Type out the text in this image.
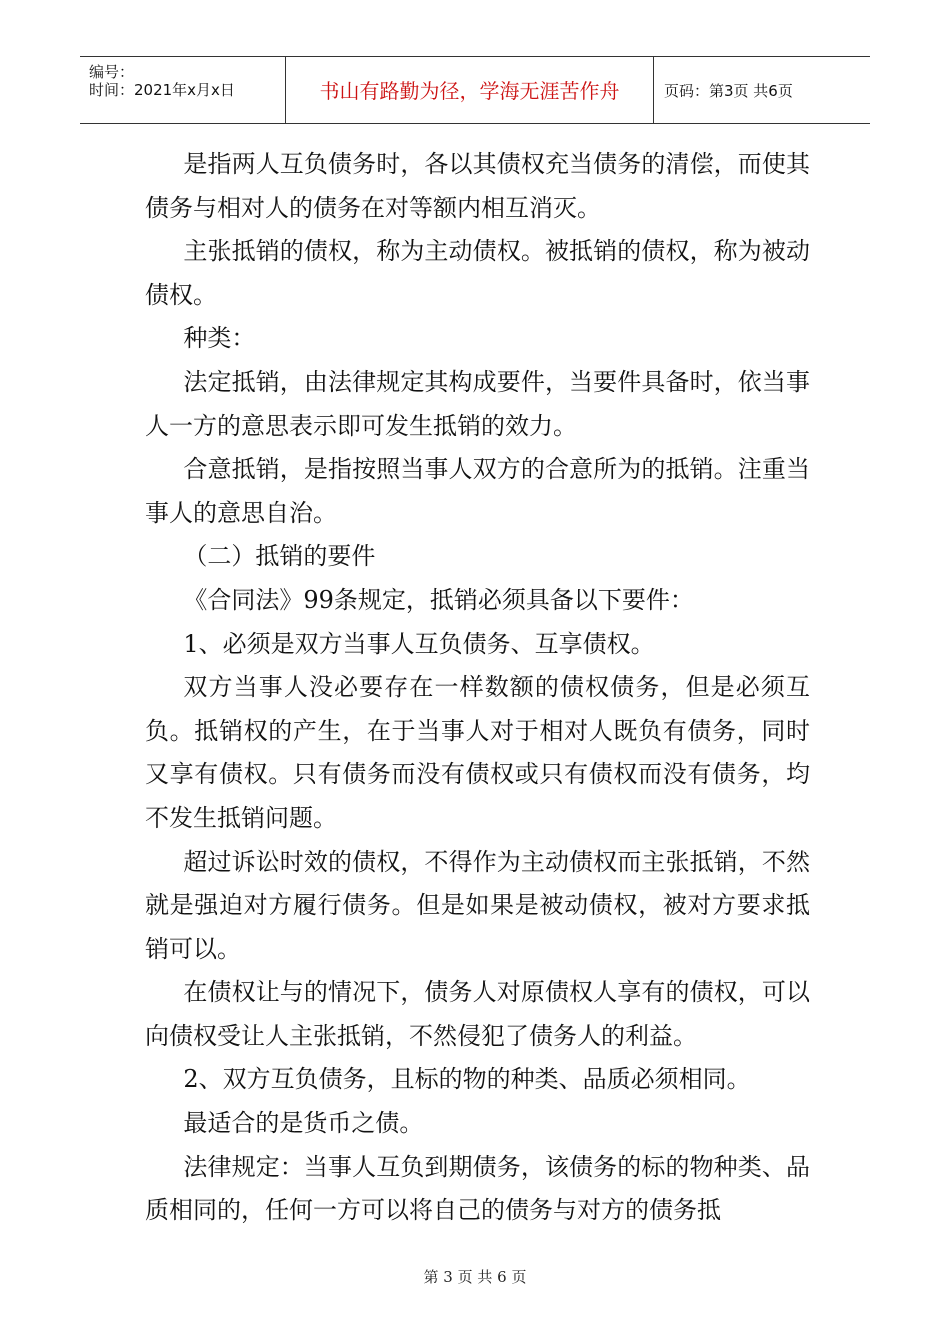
编号：
时间：2021年x月x日	书山有路勤为径，学海无涯苦作舟	页码：第3页 共6页

是指两人互负债务时，各以其债权充当债务的清偿，而使其债务与相对人的债务在对等额内相互消灭。

主张抵销的债权，称为主动债权。被抵销的债权，称为被动债权。

种类：

法定抵销，由法律规定其构成要件，当要件具备时，依当事人一方的意思表示即可发生抵销的效力。

合意抵销，是指按照当事人双方的合意所为的抵销。注重当事人的意思自治。

（二）抵销的要件

《合同法》99条规定，抵销必须具备以下要件：

1、必须是双方当事人互负债务、互享债权。

双方当事人没必要存在一样数额的债权债务，但是必须互负。抵销权的产生，在于当事人对于相对人既负有债务，同时又享有债权。只有债务而没有债权或只有债权而没有债务，均不发生抵销问题。

超过诉讼时效的债权，不得作为主动债权而主张抵销，不然就是强迫对方履行债务。但是如果是被动债权，被对方要求抵销可以。

在债权让与的情况下，债务人对原债权人享有的债权，可以向债权受让人主张抵销，不然侵犯了债务人的利益。

2、双方互负债务，且标的物的种类、品质必须相同。

最适合的是货币之债。

法律规定：当事人互负到期债务，该债务的标的物种类、品质相同的，任何一方可以将自己的债务与对方的债务抵

第 3 页 共 6 页
